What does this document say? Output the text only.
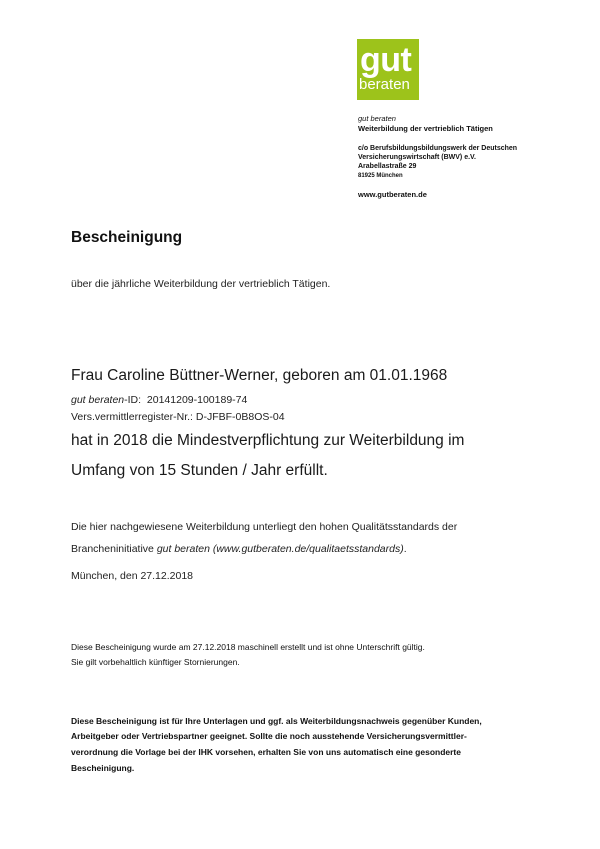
gut
beraten
gut beraten
Weiterbildung der vertrieblich Tätigen
c/o Berufsbildungsbildungswerk der Deutschen
Versicherungswirtschaft (BWV) e.V.
Arabellastraße 29
81925 München
www.gutberaten.de
Bescheinigung
über die jährliche Weiterbildung der vertrieblich Tätigen.
Frau Caroline Büttner-Werner, geboren am 01.01.1968
gut beraten-ID: 20141209-100189-74
Vers.vermittlerregister-Nr.: D-JFBF-0B8OS-04
hat in 2018 die Mindestverpflichtung zur Weiterbildung im
Umfang von 15 Stunden / Jahr erfüllt.
Die hier nachgewiesene Weiterbildung unterliegt den hohen Qualitätsstandards der
Brancheninitiative gut beraten (www.gutberaten.de/qualitaetsstandards).
München, den 27.12.2018
Diese Bescheinigung wurde am 27.12.2018 maschinell erstellt und ist ohne Unterschrift gültig.
Sie gilt vorbehaltlich künftiger Stornierungen.
Diese Bescheinigung ist für Ihre Unterlagen und ggf. als Weiterbildungsnachweis gegenüber Kunden,
Arbeitgeber oder Vertriebspartner geeignet. Sollte die noch ausstehende Versicherungsvermittler-
verordnung die Vorlage bei der IHK vorsehen, erhalten Sie von uns automatisch eine gesonderte
Bescheinigung.
